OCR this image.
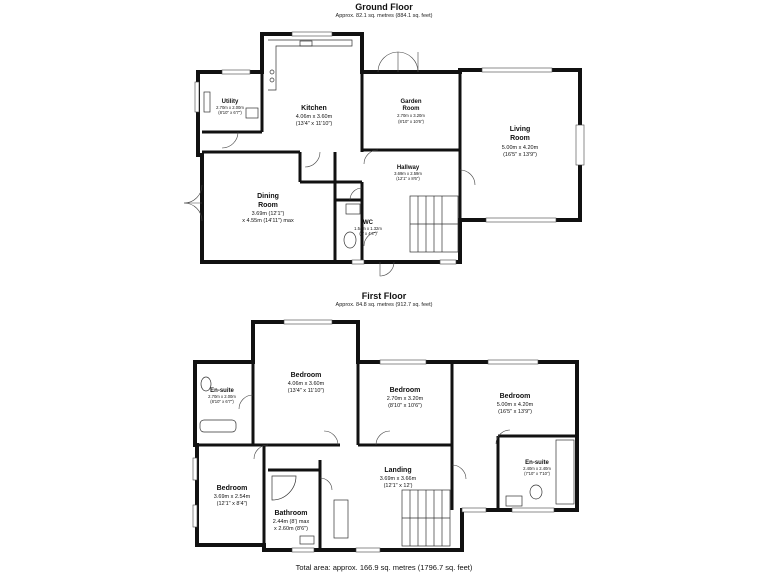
Ground Floor
Approx. 82.1 sq. metres (884.1 sq. feet)
First Floor
Approx. 84.8 sq. metres (912.7 sq. feet)
Total area: approx. 166.9 sq. metres (1796.7 sq. feet)
Utility
2.70m x 2.00m
(8'10" x 6'7")
Kitchen
4.06m x 3.60m
(13'4" x 11'10")
Garden
Room
2.70m x 3.20m
(8'10" x 10'6")
Living
Room
5.00m x 4.20m
(16'5" x 13'9")
Hallway
3.69m x 2.59m
(12'1" x 8'6")
Dining
Room
3.69m (12'1")
x 4.55m (14'11") max	WC
1.54m x 1.32m
(5' x 4'4")
En-suite
2.70m x 2.00m
(8'10" x 6'7")
Bedroom
4.06m x 3.60m
(13'4" x 11'10")	Bedroom
2.70m x 3.20m
(8'10" x 10'6")
Bedroom
5.00m x 4.20m
(16'5" x 13'9")
En-suite
2.40m x 2.40m
(7'10" x 7'10")
Landing
3.69m x 3.66m
(12'1" x 12')
Bedroom
3.69m x 2.54m
(12'1" x 8'4")
Bathroom
2.44m (8') max
x 2.60m (8'6")
